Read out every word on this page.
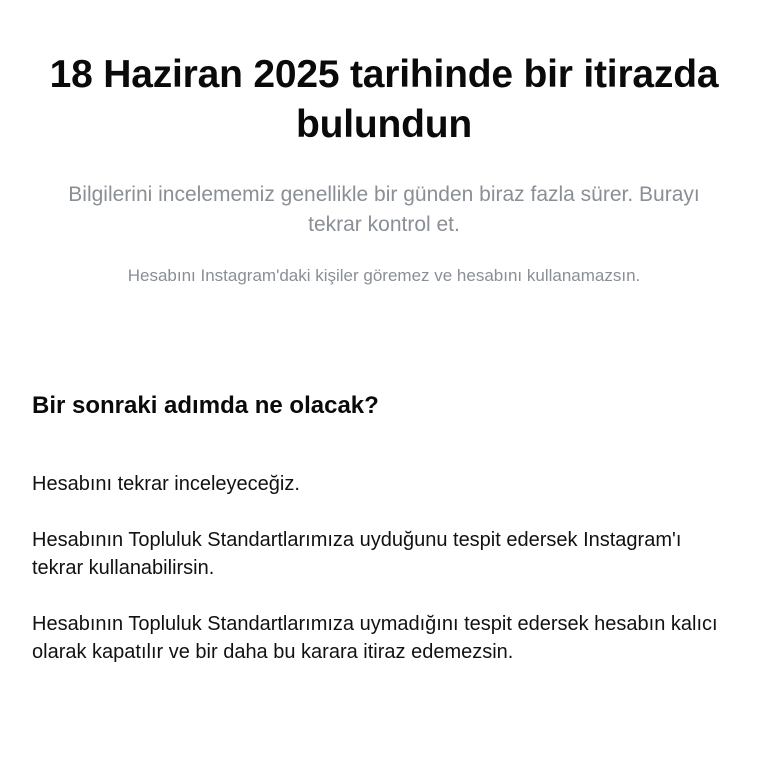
18 Haziran 2025 tarihinde bir itirazda bulundun

Bilgilerini incelememiz genellikle bir günden biraz fazla sürer. Burayı tekrar kontrol et.

Hesabını Instagram'daki kişiler göremez ve hesabını kullanamazsın.

Bir sonraki adımda ne olacak?

Hesabını tekrar inceleyeceğiz.

Hesabının Topluluk Standartlarımıza uyduğunu tespit edersek Instagram'ı tekrar kullanabilirsin.

Hesabının Topluluk Standartlarımıza uymadığını tespit edersek hesabın kalıcı olarak kapatılır ve bir daha bu karara itiraz edemezsin.
